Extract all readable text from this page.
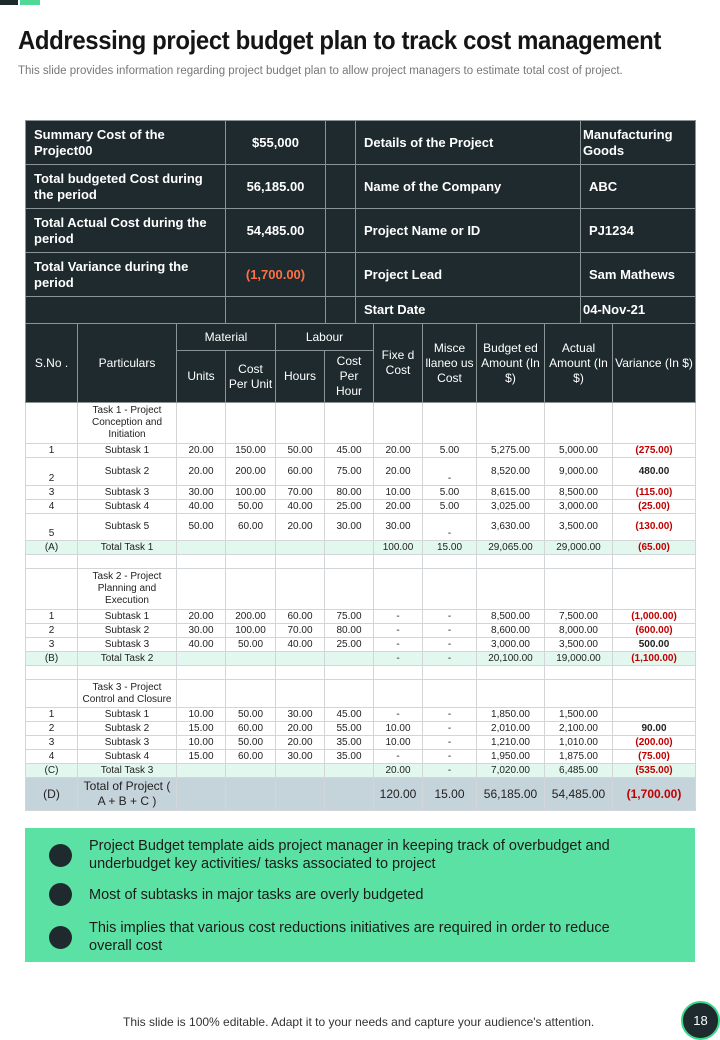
Addressing project budget plan to track cost management
This slide provides information regarding project budget plan to allow project managers to estimate total cost of project.
Summary Cost of the Project00	$55,000		Details of the Project	Manufacturing Goods
Total budgeted Cost during the period	56,185.00		Name of the Company	ABC
Total Actual Cost during the period	54,485.00		Project Name or ID	PJ1234
Total Variance during the period	(1,700.00)		Project Lead	Sam Mathews
			Start Date	04-Nov-21
S.No .	Particulars	Material		Labour		Fixe d Cost	Misce llaneo us Cost	Budget ed Amount (In $)	Actual Amount (In $)	Variance (In $)
		Units	Cost Per Unit	Hours	Cost Per Hour					
	Task 1 - Project Conception and Initiation									
1	Subtask 1	20.00	150.00	50.00	45.00	20.00	5.00	5,275.00	5,000.00	(275.00)
2	Subtask 2	20.00	200.00	60.00	75.00	20.00	-	8,520.00	9,000.00	480.00
3	Subtask 3	30.00	100.00	70.00	80.00	10.00	5.00	8,615.00	8,500.00	(115.00)
4	Subtask 4	40.00	50.00	40.00	25.00	20.00	5.00	3,025.00	3,000.00	(25.00)
5	Subtask 5	50.00	60.00	20.00	30.00	30.00	-	3,630.00	3,500.00	(130.00)
(A)	Total Task 1					100.00	15.00	29,065.00	29,000.00	(65.00)

	Task 2 - Project Planning and Execution									
1	Subtask 1	20.00	200.00	60.00	75.00	-	-	8,500.00	7,500.00	(1,000.00)
2	Subtask 2	30.00	100.00	70.00	80.00	-	-	8,600.00	8,000.00	(600.00)
3	Subtask 3	40.00	50.00	40.00	25.00	-	-	3,000.00	3,500.00	500.00
(B)	Total Task 2					-	-	20,100.00	19,000.00	(1,100.00)

	Task 3 - Project Control and Closure									
1	Subtask 1	10.00	50.00	30.00	45.00	-	-	1,850.00	1,500.00	
2	Subtask 2	15.00	60.00	20.00	55.00	10.00	-	2,010.00	2,100.00	90.00
3	Subtask 3	10.00	50.00	20.00	35.00	10.00	-	1,210.00	1,010.00	(200.00)
4	Subtask 4	15.00	60.00	30.00	35.00	-	-	1,950.00	1,875.00	(75.00)
(C)	Total Task 3					20.00	-	7,020.00	6,485.00	(535.00)
(D)	Total of Project ( A + B + C )					120.00	15.00	56,185.00	54,485.00	(1,700.00)
Project Budget template aids project manager in keeping track of overbudget and underbudget key activities/ tasks associated to project
Most of subtasks in major tasks are overly budgeted
This implies that various cost reductions initiatives are required in order to reduce overall cost
This slide is 100% editable. Adapt it to your needs and capture your audience's attention.	18
